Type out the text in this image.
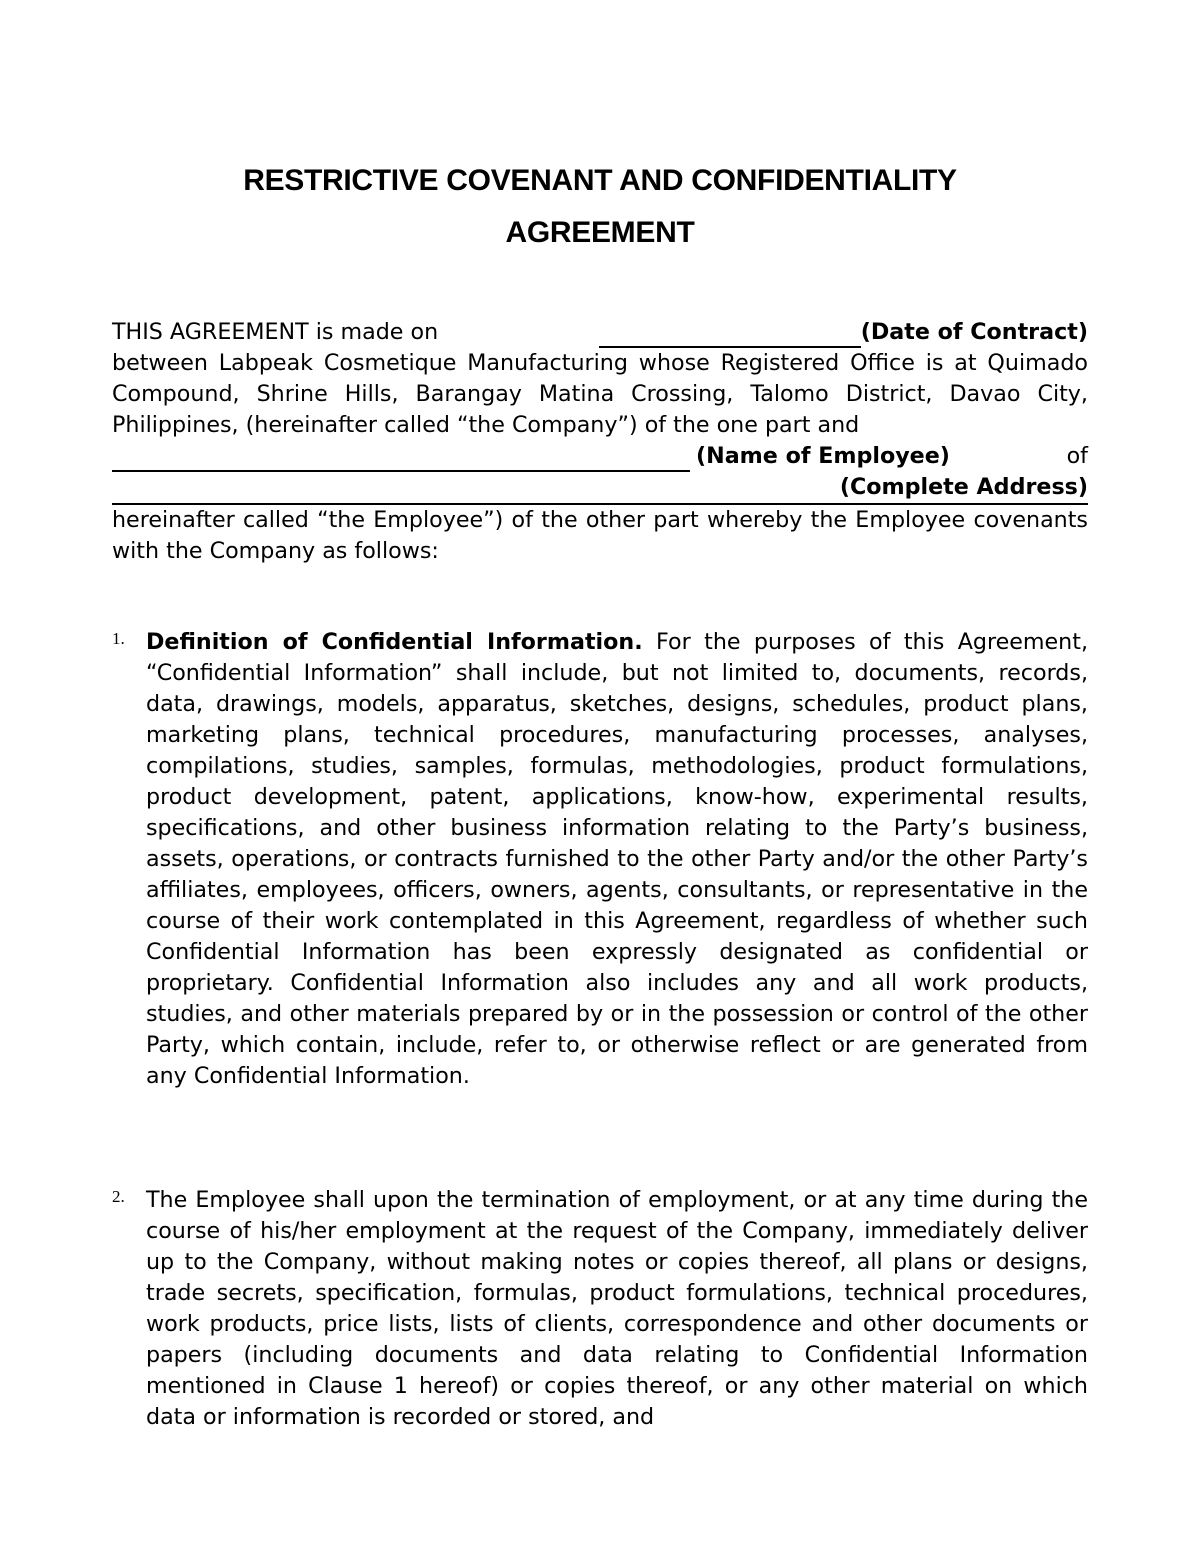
RESTRICTIVE COVENANT AND CONFIDENTIALITY
AGREEMENT
THIS AGREEMENT is made on	(Date of Contract)
between Labpeak Cosmetique Manufacturing whose Registered Office is at Quimado Compound, Shrine Hills, Barangay Matina Crossing, Talomo District, Davao City, Philippines, (hereinafter called “the Company”) of the one part and
(Name of Employee)	of
(Complete Address)
hereinafter called “the Employee”) of the other part whereby the Employee covenants with the Company as follows:
1. Definition of Confidential Information. For the purposes of this Agreement, “Confidential Information” shall include, but not limited to, documents, records, data, drawings, models, apparatus, sketches, designs, schedules, product plans, marketing plans, technical procedures, manufacturing processes, analyses, compilations, studies, samples, formulas, methodologies, product formulations, product development, patent, applications, know-how, experimental results, specifications, and other business information relating to the Party’s business, assets, operations, or contracts furnished to the other Party and/or the other Party’s affiliates, employees, officers, owners, agents, consultants, or representative in the course of their work contemplated in this Agreement, regardless of whether such Confidential Information has been expressly designated as confidential or proprietary. Confidential Information also includes any and all work products, studies, and other materials prepared by or in the possession or control of the other Party, which contain, include, refer to, or otherwise reflect or are generated from any Confidential Information.
2. The Employee shall upon the termination of employment, or at any time during the course of his/her employment at the request of the Company, immediately deliver up to the Company, without making notes or copies thereof, all plans or designs, trade secrets, specification, formulas, product formulations, technical procedures, work products, price lists, lists of clients, correspondence and other documents or papers (including documents and data relating to Confidential Information mentioned in Clause 1 hereof) or copies thereof, or any other material on which data or information is recorded or stored, and
